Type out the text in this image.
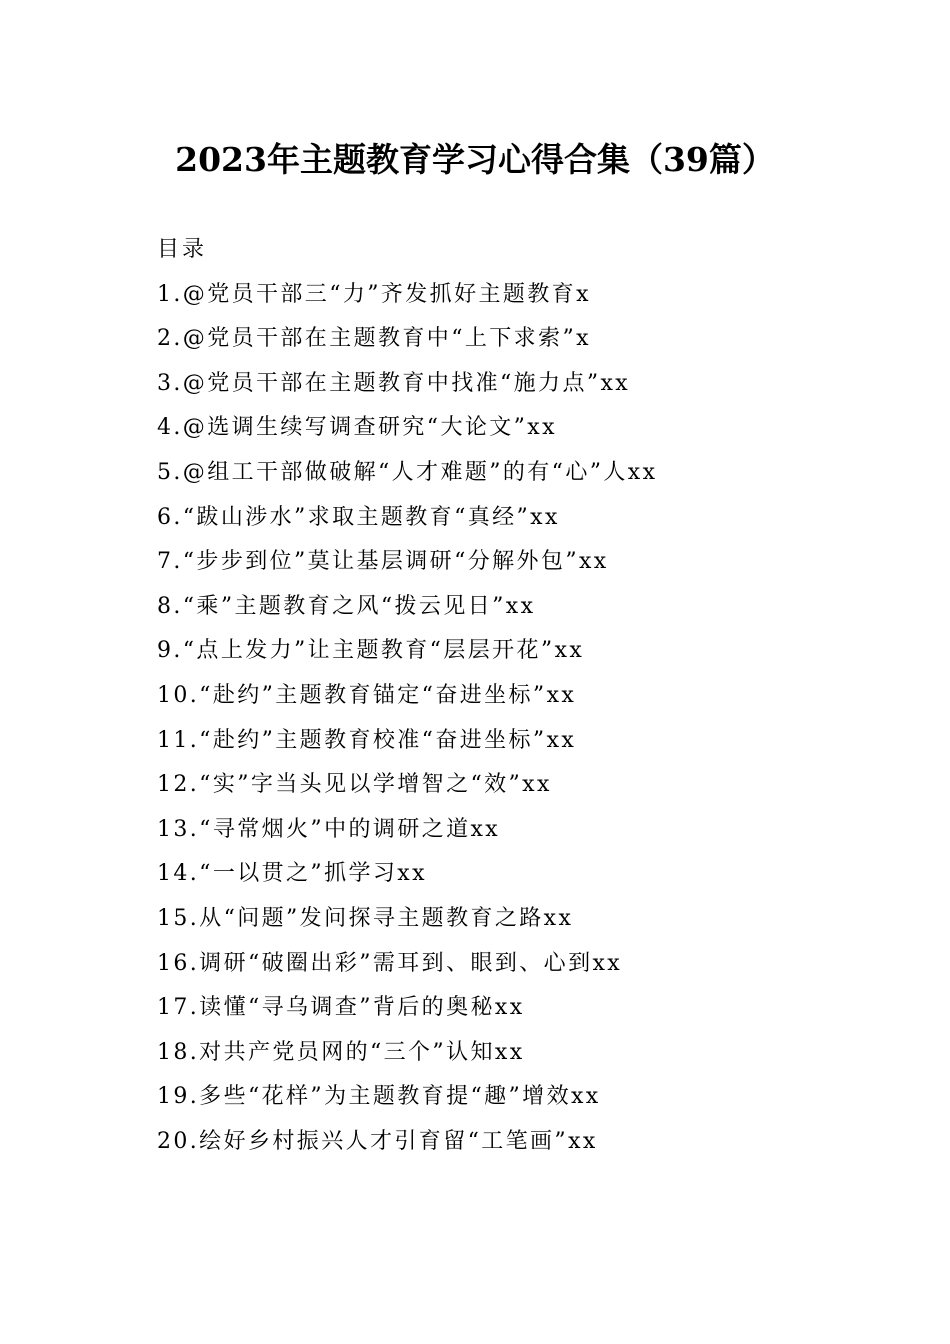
2023年主题教育学习心得合集（39篇）
目录
1.@党员干部三“力”齐发抓好主题教育x
2.@党员干部在主题教育中“上下求索”x
3.@党员干部在主题教育中找准“施力点”xx
4.@选调生续写调查研究“大论文”xx
5.@组工干部做破解“人才难题”的有“心”人xx
6.“跋山涉水”求取主题教育“真经”xx
7.“步步到位”莫让基层调研“分解外包”xx
8.“乘”主题教育之风“拨云见日”xx
9.“点上发力”让主题教育“层层开花”xx
10.“赴约”主题教育锚定“奋进坐标”xx
11.“赴约”主题教育校准“奋进坐标”xx
12.“实”字当头见以学增智之“效”xx
13.“寻常烟火”中的调研之道xx
14.“一以贯之”抓学习xx
15.从“问题”发问探寻主题教育之路xx
16.调研“破圈出彩”需耳到、眼到、心到xx
17.读懂“寻乌调查”背后的奥秘xx
18.对共产党员网的“三个”认知xx
19.多些“花样”为主题教育提“趣”增效xx
20.绘好乡村振兴人才引育留“工笔画”xx
